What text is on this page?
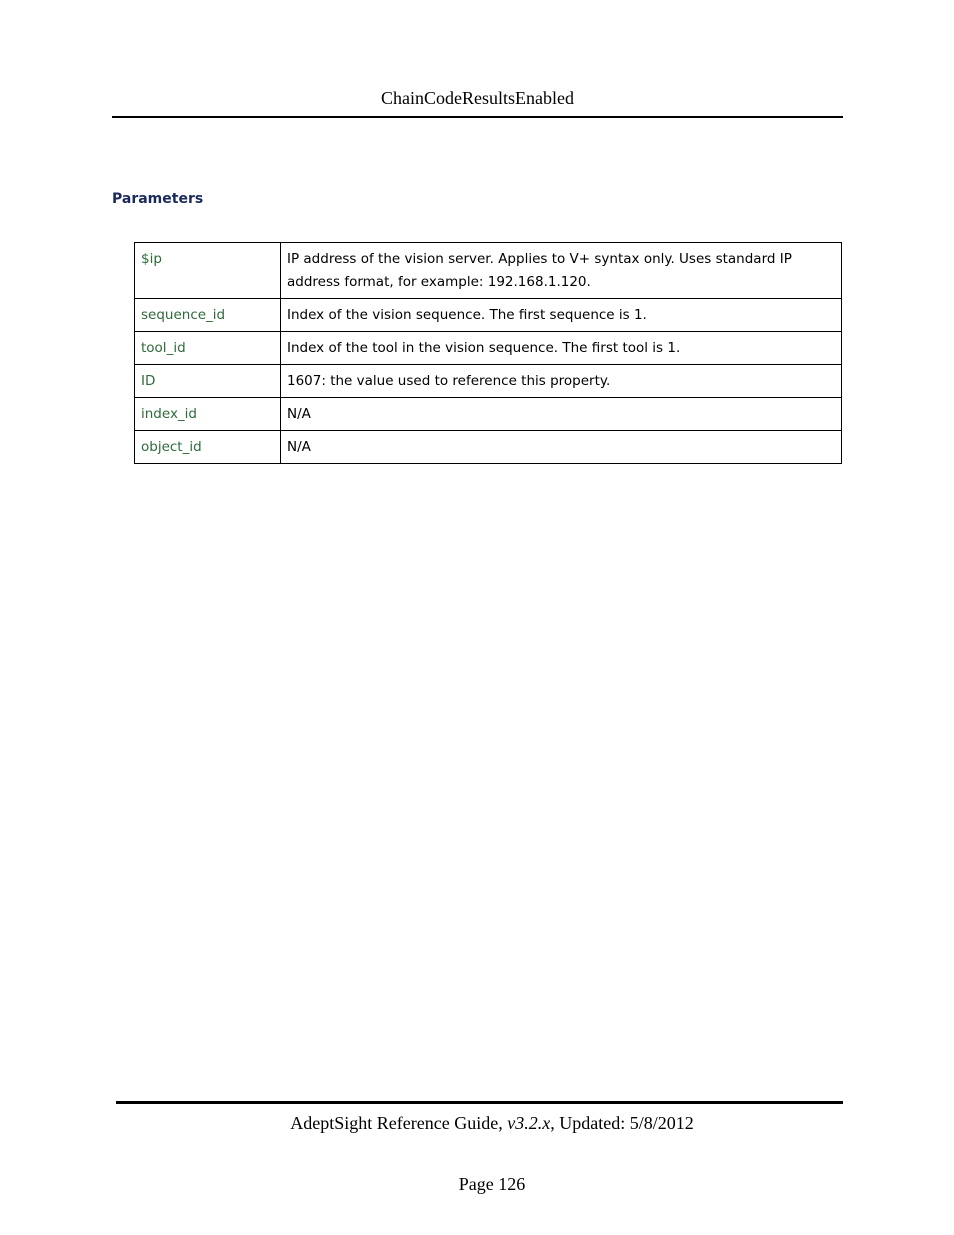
ChainCodeResultsEnabled
Parameters
$ip	IP address of the vision server. Applies to V+ syntax only. Uses standard IP address format, for example: 192.168.1.120.
sequence_id	Index of the vision sequence. The first sequence is 1.
tool_id	Index of the tool in the vision sequence. The first tool is 1.
ID	1607: the value used to reference this property.
index_id	N/A
object_id	N/A
AdeptSight Reference Guide, v3.2.x, Updated: 5/8/2012
Page 126
